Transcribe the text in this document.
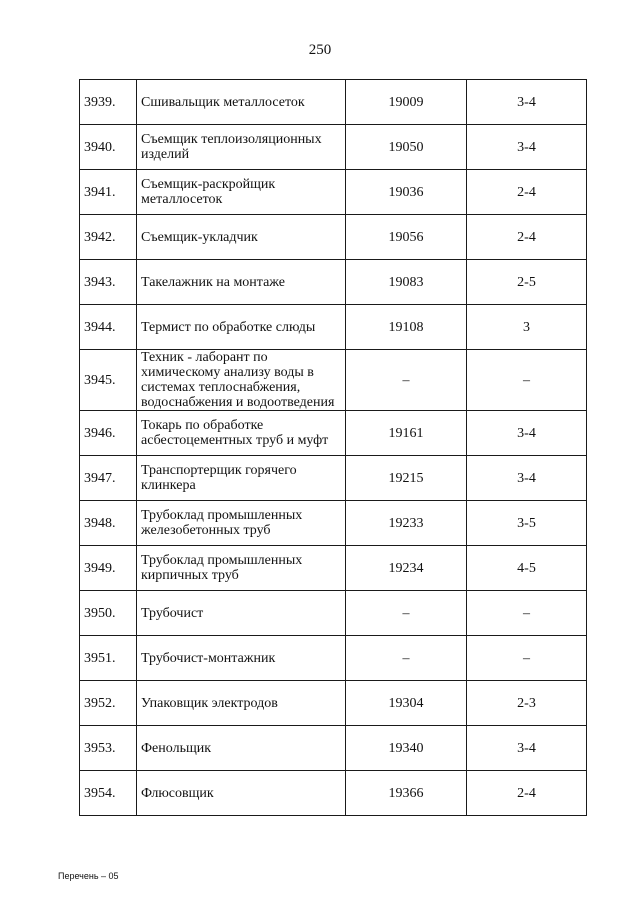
250
3939.	Сшивальщик металлосеток	19009	3-4
3940.	Съемщик теплоизоляционных изделий	19050	3-4
3941.	Съемщик-раскройщик металлосеток	19036	2-4
3942.	Съемщик-укладчик	19056	2-4
3943.	Такелажник на монтаже	19083	2-5
3944.	Термист по обработке слюды	19108	3
3945.	Техник - лаборант по химическому анализу воды в системах теплоснабжения, водоснабжения и водоотведения	–	–
3946.	Токарь по обработке асбестоцементных труб и муфт	19161	3-4
3947.	Транспортерщик горячего клинкера	19215	3-4
3948.	Трубоклад промышленных железобетонных труб	19233	3-5
3949.	Трубоклад промышленных кирпичных труб	19234	4-5
3950.	Трубочист	–	–
3951.	Трубочист-монтажник	–	–
3952.	Упаковщик электродов	19304	2-3
3953.	Фенольщик	19340	3-4
3954.	Флюсовщик	19366	2-4
Перечень – 05
